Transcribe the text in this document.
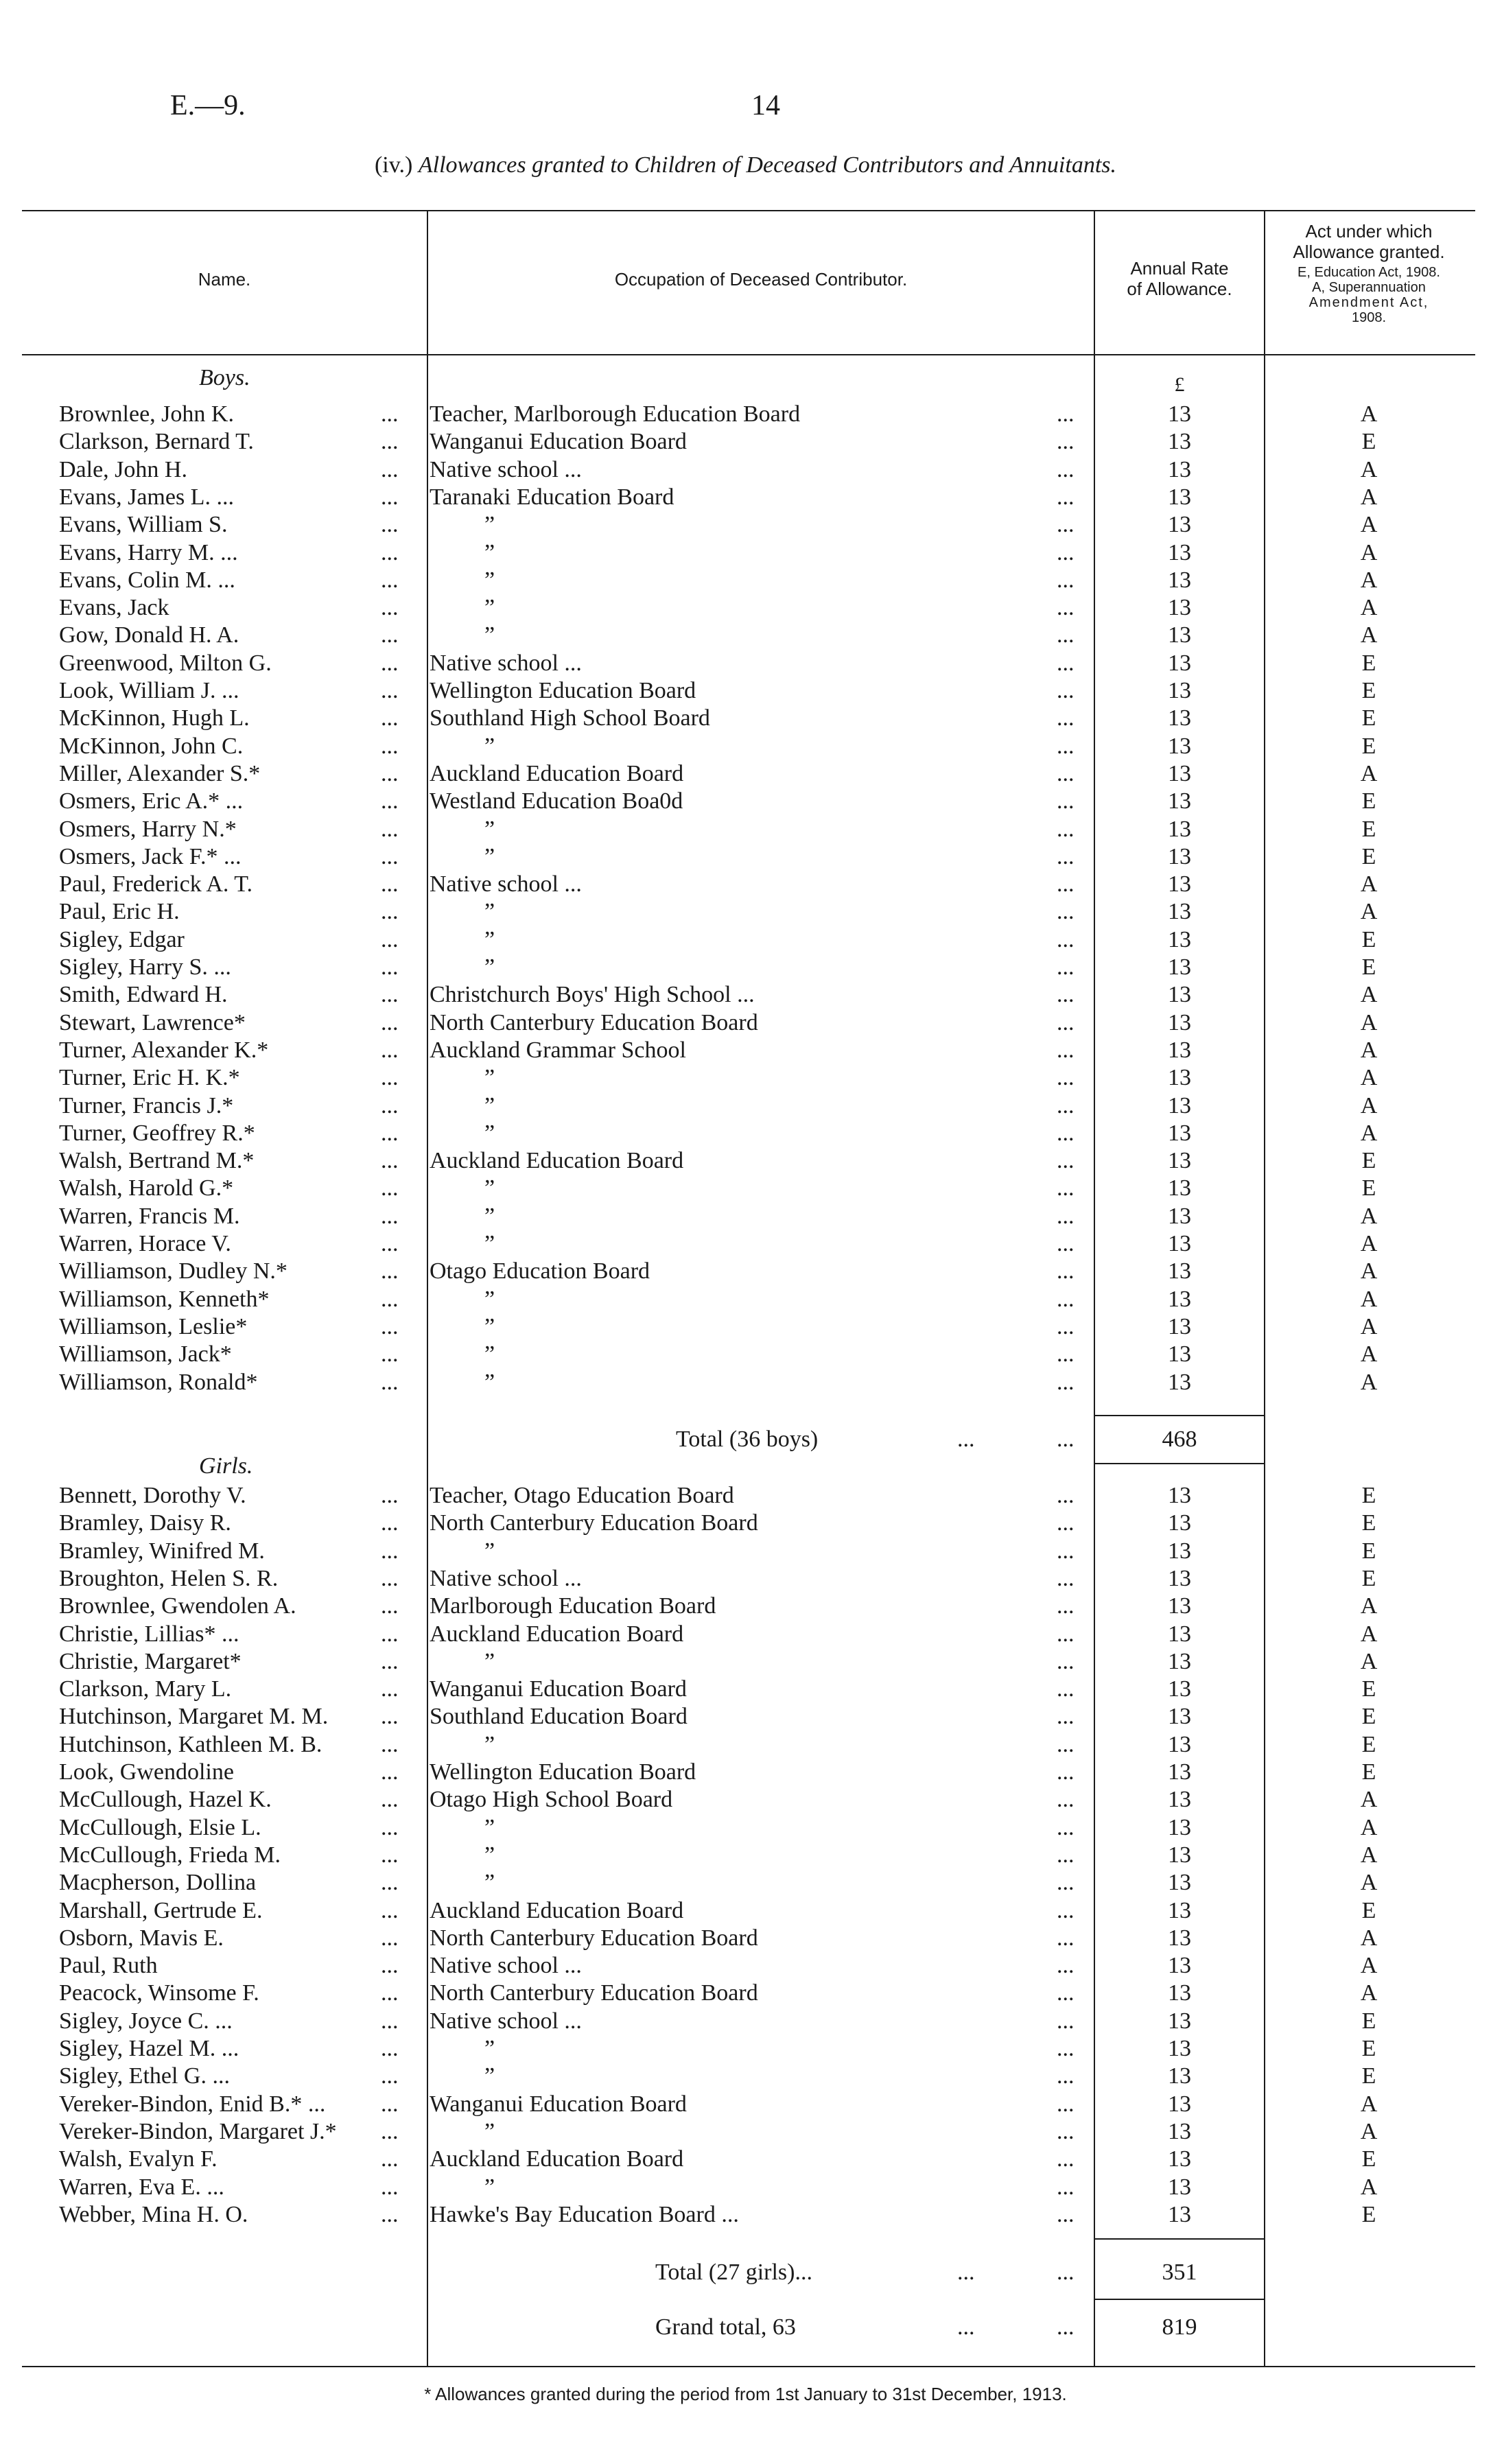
E.—9.	14
(iv.) Allowances granted to Children of Deceased Contributors and Annuitants.
Name.	Occupation of Deceased Contributor.
Annual Rate
of Allowance.
Act under which
Allowance granted.
E, Education Act, 1908.
A, Superannuation
Amendment Act,
1908.
Boys.	£
Brownlee, John K.	... Teacher, Marlborough Education Board	...	13	A
Clarkson, Bernard T.	... Wanganui Education Board	...	13	E
Dale, John H.	... Native school ...	...	13	A
Evans, James L. ...	... Taranaki Education Board	...	13	A
Evans, William S.	...	”	...	13	A
Evans, Harry M. ...	...	”	...	13	A
Evans, Colin M. ...	...	”	...	13	A
Evans, Jack	...	”	...	13	A
Gow, Donald H. A.	...	”	...	13	A
Greenwood, Milton G.	... Native school ...	...	13	E
Look, William J. ...	... Wellington Education Board	...	13	E
McKinnon, Hugh L.	... Southland High School Board	...	13	E
McKinnon, John C.	...	”	...	13	E
Miller, Alexander S.*	... Auckland Education Board	...	13	A
Osmers, Eric A.* ...	... Westland Education Boa0d	...	13	E
Osmers, Harry N.*	...	”	...	13	E
Osmers, Jack F.* ...	...	”	...	13	E
Paul, Frederick A. T.	... Native school ...	...	13	A
Paul, Eric H.	...	”	...	13	A
Sigley, Edgar	...	”	...	13	E
Sigley, Harry S. ...	...	”	...	13	E
Smith, Edward H.	... Christchurch Boys' High School ...	...	13	A
Stewart, Lawrence*	... North Canterbury Education Board	...	13	A
Turner, Alexander K.*	... Auckland Grammar School	...	13	A
Turner, Eric H. K.*	...	”	...	13	A
Turner, Francis J.*	...	”	...	13	A
Turner, Geoffrey R.*	...	”	...	13	A
Walsh, Bertrand M.*	... Auckland Education Board	...	13	E
Walsh, Harold G.*	...	”	...	13	E
Warren, Francis M.	...	”	...	13	A
Warren, Horace V.	...	”	...	13	A
Williamson, Dudley N.*	... Otago Education Board	...	13	A
Williamson, Kenneth*	...	”	...	13	A
Williamson, Leslie*	...	”	...	13	A
Williamson, Jack*	...	”	...	13	A
Williamson, Ronald*	...	”	...	13	A
Total (36 boys)	...	...	468
Girls.
Bennett, Dorothy V.	... Teacher, Otago Education Board	...	13	E
Bramley, Daisy R.	... North Canterbury Education Board	...	13	E
Bramley, Winifred M.	...	”	...	13	E
Broughton, Helen S. R.	... Native school ...	...	13	E
Brownlee, Gwendolen A.	... Marlborough Education Board	...	13	A
Christie, Lillias* ...	... Auckland Education Board	...	13	A
Christie, Margaret*	...	”	...	13	A
Clarkson, Mary L.	... Wanganui Education Board	...	13	E
Hutchinson, Margaret M. M. ... Southland Education Board	...	13	E
Hutchinson, Kathleen M. B.	...	”	...	13	E
Look, Gwendoline	... Wellington Education Board	...	13	E
McCullough, Hazel K.	... Otago High School Board	...	13	A
McCullough, Elsie L.	...	”	...	13	A
McCullough, Frieda M.	...	”	...	13	A
Macpherson, Dollina	...	”	...	13	A
Marshall, Gertrude E.	... Auckland Education Board	...	13	E
Osborn, Mavis E.	... North Canterbury Education Board	...	13	A
Paul, Ruth	... Native school ...	...	13	A
Peacock, Winsome F.	... North Canterbury Education Board	...	13	A
Sigley, Joyce C. ...	... Native school ...	...	13	E
Sigley, Hazel M. ...	...	”	...	13	E
Sigley, Ethel G. ...	...	”	...	13	E
Vereker-Bindon, Enid B.* ... ... Wanganui Education Board	...	13	A
Vereker-Bindon, Margaret J.* ...	”	...	13	A
Walsh, Evalyn F.	... Auckland Education Board	...	13	E
Warren, Eva E. ...	...	”	...	13	A
Webber, Mina H. O.	... Hawke's Bay Education Board ...	...	13	E
Total (27 girls)...	...	...	351
Grand total, 63	...	...	819
* Allowances granted during the period from 1st January to 31st December, 1913.
